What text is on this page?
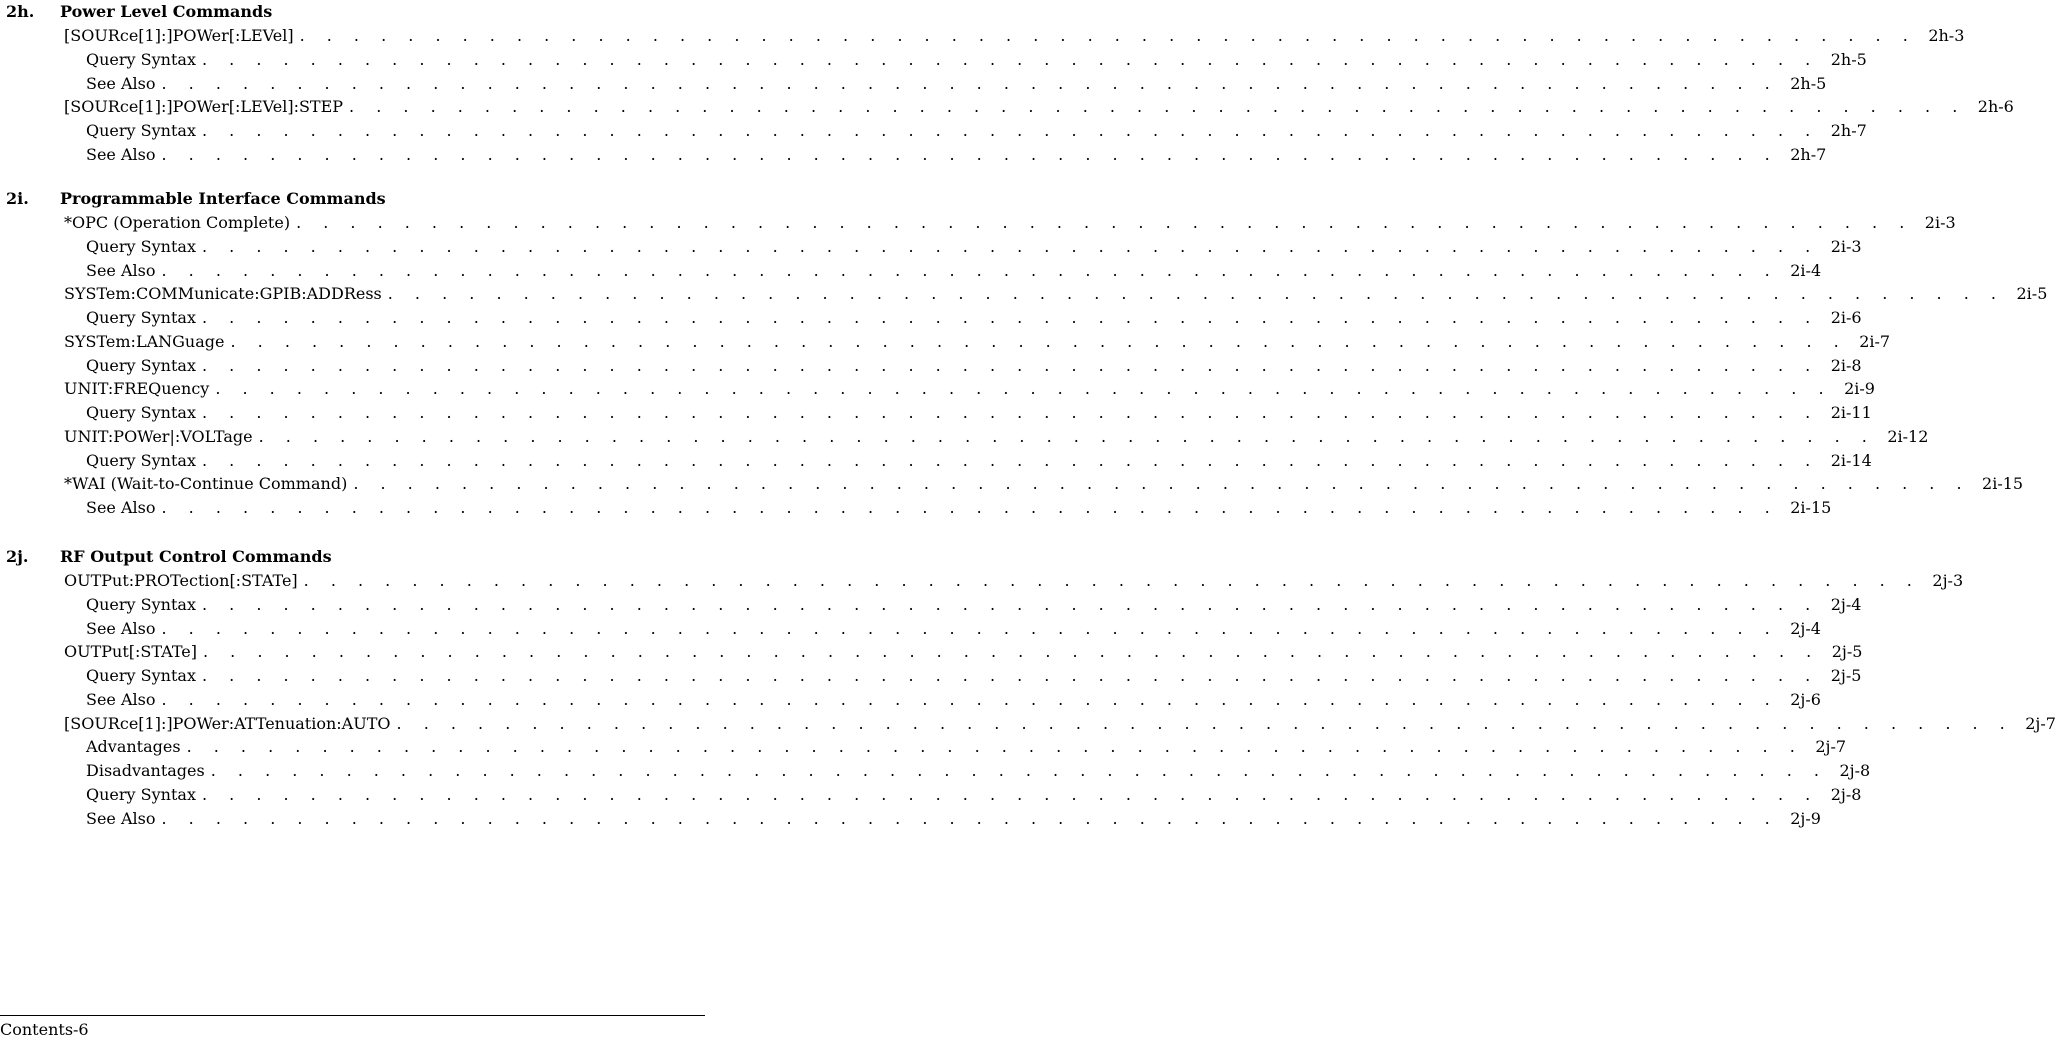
2h.	Power Level Commands
[SOURce[1]:]POWer[:LEVel] . . . . . . . . . . . . . . . . . . . . . . . . . . . . . . . . . . . . . . . . . . . . . . . . . . . . . . . . . . . . 2h-3
Query Syntax . . . . . . . . . . . . . . . . . . . . . . . . . . . . . . . . . . . . . . . . . . . . . . . . . . . . . . . . . . . . 2h-5
See Also . . . . . . . . . . . . . . . . . . . . . . . . . . . . . . . . . . . . . . . . . . . . . . . . . . . . . . . . . . . . 2h-5
[SOURce[1]:]POWer[:LEVel]:STEP . . . . . . . . . . . . . . . . . . . . . . . . . . . . . . . . . . . . . . . . . . . . . . . . . . . . . . . . . . . . 2h-6
Query Syntax . . . . . . . . . . . . . . . . . . . . . . . . . . . . . . . . . . . . . . . . . . . . . . . . . . . . . . . . . . . . 2h-7
See Also . . . . . . . . . . . . . . . . . . . . . . . . . . . . . . . . . . . . . . . . . . . . . . . . . . . . . . . . . . . . 2h-7
2i.	Programmable Interface Commands
*OPC (Operation Complete) . . . . . . . . . . . . . . . . . . . . . . . . . . . . . . . . . . . . . . . . . . . . . . . . . . . . . . . . . . . . 2i-3
Query Syntax . . . . . . . . . . . . . . . . . . . . . . . . . . . . . . . . . . . . . . . . . . . . . . . . . . . . . . . . . . . . 2i-3
See Also . . . . . . . . . . . . . . . . . . . . . . . . . . . . . . . . . . . . . . . . . . . . . . . . . . . . . . . . . . . . 2i-4
SYSTem:COMMunicate:GPIB:ADDRess . . . . . . . . . . . . . . . . . . . . . . . . . . . . . . . . . . . . . . . . . . . . . . . . . . . . . . . . . . . . 2i-5
Query Syntax . . . . . . . . . . . . . . . . . . . . . . . . . . . . . . . . . . . . . . . . . . . . . . . . . . . . . . . . . . . . 2i-6
SYSTem:LANGuage . . . . . . . . . . . . . . . . . . . . . . . . . . . . . . . . . . . . . . . . . . . . . . . . . . . . . . . . . . . . 2i-7
Query Syntax . . . . . . . . . . . . . . . . . . . . . . . . . . . . . . . . . . . . . . . . . . . . . . . . . . . . . . . . . . . . 2i-8
UNIT:FREQuency . . . . . . . . . . . . . . . . . . . . . . . . . . . . . . . . . . . . . . . . . . . . . . . . . . . . . . . . . . . . 2i-9
Query Syntax . . . . . . . . . . . . . . . . . . . . . . . . . . . . . . . . . . . . . . . . . . . . . . . . . . . . . . . . . . . . 2i-11
UNIT:POWer|:VOLTage . . . . . . . . . . . . . . . . . . . . . . . . . . . . . . . . . . . . . . . . . . . . . . . . . . . . . . . . . . . . 2i-12
Query Syntax . . . . . . . . . . . . . . . . . . . . . . . . . . . . . . . . . . . . . . . . . . . . . . . . . . . . . . . . . . . . 2i-14
*WAI (Wait-to-Continue Command) . . . . . . . . . . . . . . . . . . . . . . . . . . . . . . . . . . . . . . . . . . . . . . . . . . . . . . . . . . . . 2i-15
See Also . . . . . . . . . . . . . . . . . . . . . . . . . . . . . . . . . . . . . . . . . . . . . . . . . . . . . . . . . . . . 2i-15
2j.	RF Output Control Commands
OUTPut:PROTection[:STATe] . . . . . . . . . . . . . . . . . . . . . . . . . . . . . . . . . . . . . . . . . . . . . . . . . . . . . . . . . . . . 2j-3
Query Syntax . . . . . . . . . . . . . . . . . . . . . . . . . . . . . . . . . . . . . . . . . . . . . . . . . . . . . . . . . . . . 2j-4
See Also . . . . . . . . . . . . . . . . . . . . . . . . . . . . . . . . . . . . . . . . . . . . . . . . . . . . . . . . . . . . 2j-4
OUTPut[:STATe] . . . . . . . . . . . . . . . . . . . . . . . . . . . . . . . . . . . . . . . . . . . . . . . . . . . . . . . . . . . . 2j-5
Query Syntax . . . . . . . . . . . . . . . . . . . . . . . . . . . . . . . . . . . . . . . . . . . . . . . . . . . . . . . . . . . . 2j-5
See Also . . . . . . . . . . . . . . . . . . . . . . . . . . . . . . . . . . . . . . . . . . . . . . . . . . . . . . . . . . . . 2j-6
[SOURce[1]:]POWer:ATTenuation:AUTO . . . . . . . . . . . . . . . . . . . . . . . . . . . . . . . . . . . . . . . . . . . . . . . . . . . . . . . . . . . . 2j-7
Advantages . . . . . . . . . . . . . . . . . . . . . . . . . . . . . . . . . . . . . . . . . . . . . . . . . . . . . . . . . . . . 2j-7
Disadvantages . . . . . . . . . . . . . . . . . . . . . . . . . . . . . . . . . . . . . . . . . . . . . . . . . . . . . . . . . . . . 2j-8
Query Syntax . . . . . . . . . . . . . . . . . . . . . . . . . . . . . . . . . . . . . . . . . . . . . . . . . . . . . . . . . . . . 2j-8
See Also . . . . . . . . . . . . . . . . . . . . . . . . . . . . . . . . . . . . . . . . . . . . . . . . . . . . . . . . . . . . 2j-9
Contents-6
